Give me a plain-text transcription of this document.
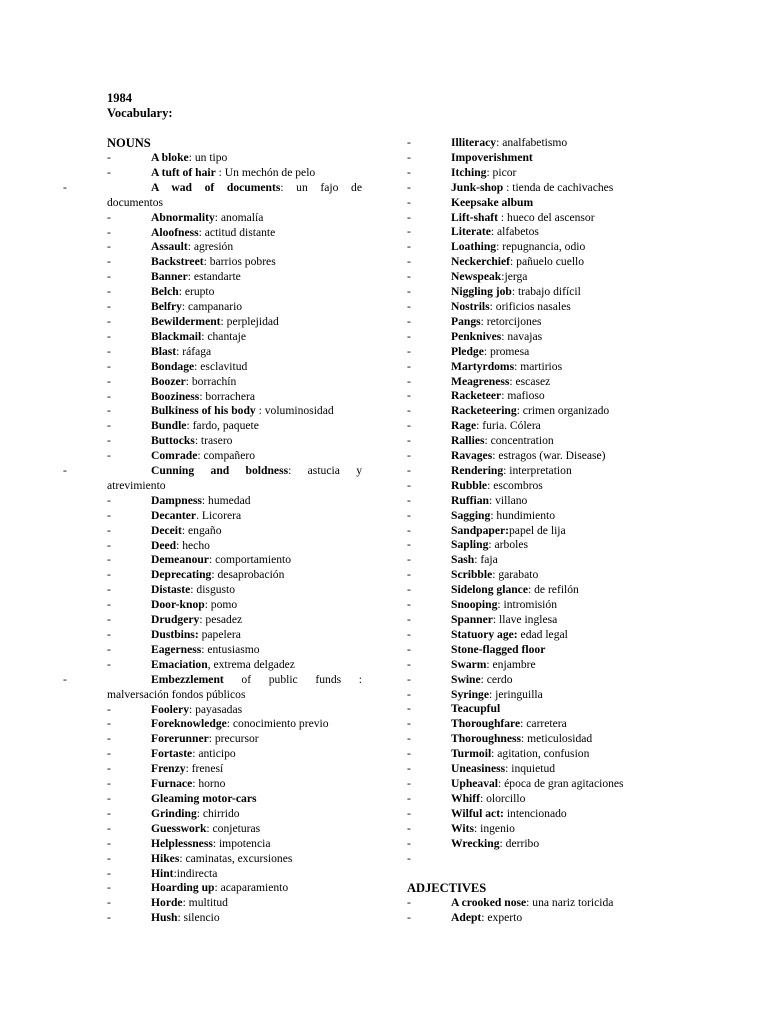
1984
Vocabulary:
NOUNS
-	A bloke: un tipo
-	A tuft of hair : Un mechón de pelo
-	A wad of documents: un fajo de
documentos
-	Abnormality: anomalía
-	Aloofness: actitud distante
-	Assault: agresión
-	Backstreet: barrios pobres
-	Banner: estandarte
-	Belch: erupto
-	Belfry: campanario
-	Bewilderment: perplejidad
-	Blackmail: chantaje
-	Blast: ráfaga
-	Bondage: esclavitud
-	Boozer: borrachín
-	Booziness: borrachera
-	Bulkiness of his body : voluminosidad
-	Bundle: fardo, paquete
-	Buttocks: trasero
-	Comrade: compañero
-	Cunning and boldness: astucia y
atrevimiento
-	Dampness: humedad
-	Decanter. Licorera
-	Deceit: engaño
-	Deed: hecho
-	Demeanour: comportamiento
-	Deprecating: desaprobación
-	Distaste: disgusto
-	Door-knop: pomo
-	Drudgery: pesadez
-	Dustbins: papelera
-	Eagerness: entusiasmo
-	Emaciation, extrema delgadez
-	Embezzlement of public funds :
malversación fondos públicos
-	Foolery: payasadas
-	Foreknowledge: conocimiento previo
-	Forerunner: precursor
-	Fortaste: anticipo
-	Frenzy: frenesí
-	Furnace: horno
-	Gleaming motor-cars
-	Grinding: chirrido
-	Guesswork: conjeturas
-	Helplessness: impotencia
-	Hikes: caminatas, excursiones
-	Hint:indirecta
-	Hoarding up: acaparamiento
-	Horde: multitud
-	Hush: silencio
-	Illiteracy: analfabetismo
-	Impoverishment
-	Itching: picor
-	Junk-shop : tienda de cachivaches
-	Keepsake album
-	Lift-shaft : hueco del ascensor
-	Literate: alfabetos
-	Loathing: repugnancia, odio
-	Neckerchief: pañuelo cuello
-	Newspeak:jerga
-	Niggling job: trabajo difícil
-	Nostrils: orificios nasales
-	Pangs: retorcijones
-	Penknives: navajas
-	Pledge: promesa
-	Martyrdoms: martirios
-	Meagreness: escasez
-	Racketeer: mafioso
-	Racketeering: crimen organizado
-	Rage: furia. Cólera
-	Rallies: concentration
-	Ravages: estragos (war. Disease)
-	Rendering: interpretation
-	Rubble: escombros
-	Ruffian: villano
-	Sagging: hundimiento
-	Sandpaper:papel de lija
-	Sapling: arboles
-	Sash: faja
-	Scribble: garabato
-	Sidelong glance: de refilón
-	Snooping: intromisión
-	Spanner: llave inglesa
-	Statuory age: edad legal
-	Stone-flagged floor
-	Swarm: enjambre
-	Swine: cerdo
-	Syringe: jeringuilla
-	Teacupful
-	Thoroughfare: carretera
-	Thoroughness: meticulosidad
-	Turmoil: agitation, confusion
-	Uneasiness: inquietud
-	Upheaval: época de gran agitaciones
-	Whiff: olorcillo
-	Wilful act: intencionado
-	Wits: ingenio
-	Wrecking: derribo
-
ADJECTIVES
-	A crooked nose: una nariz toricida
-	Adept: experto
